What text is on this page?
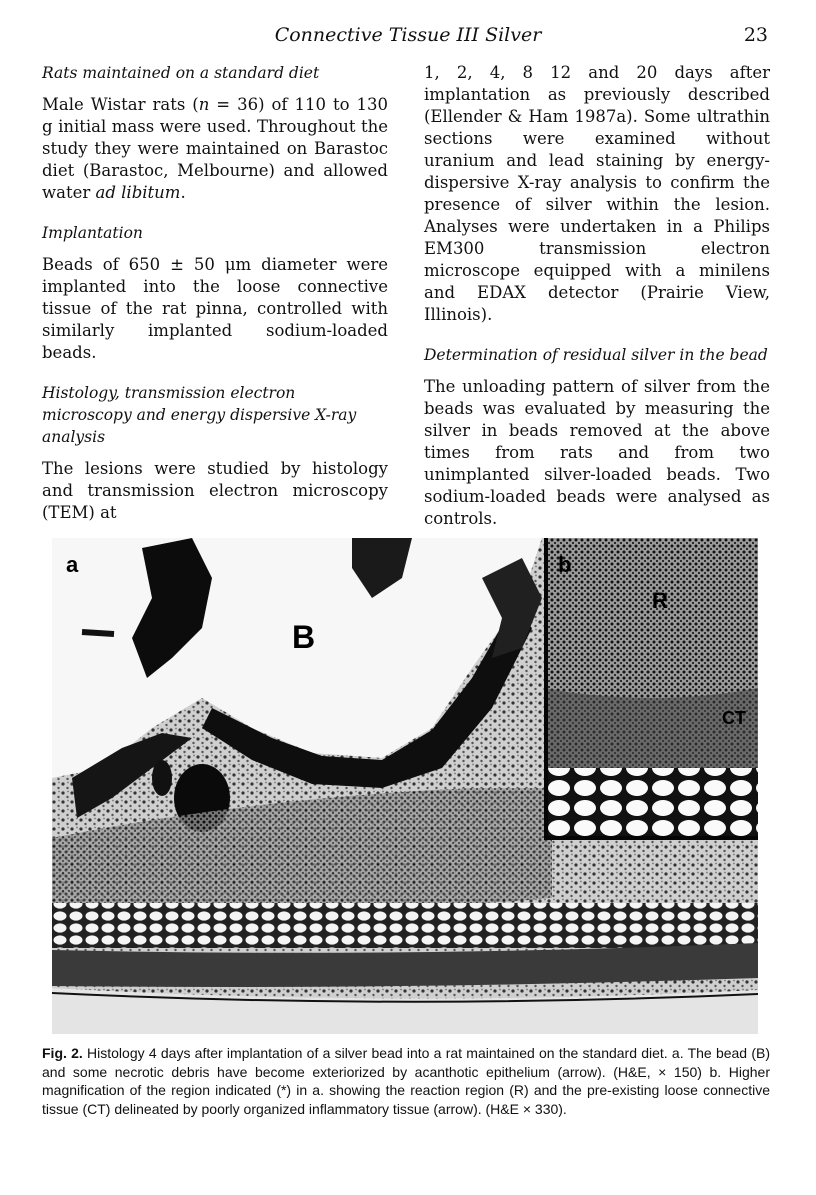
Connective Tissue III Silver	23
Rats maintained on a standard diet

Male Wistar rats (n = 36) of 110 to 130 g initial mass were used. Throughout the study they were maintained on Barastoc diet (Barastoc, Melbourne) and allowed water ad libitum.

Implantation

Beads of 650 ± 50 μm diameter were implanted into the loose connective tissue of the rat pinna, controlled with similarly implanted sodium-loaded beads.

Histology, transmission electron microscopy and energy dispersive X-ray analysis

The lesions were studied by histology and transmission electron microscopy (TEM) at

1, 2, 4, 8 12 and 20 days after implantation as previously described (Ellender & Ham 1987a). Some ultrathin sections were examined without uranium and lead staining by energy-dispersive X-ray analysis to confirm the presence of silver within the lesion. Analyses were undertaken in a Philips EM300 transmission electron microscope equipped with a minilens and EDAX detector (Prairie View, Illinois).

Determination of residual silver in the bead

The unloading pattern of silver from the beads was evaluated by measuring the silver in beads removed at the above times from rats and from two unimplanted silver-loaded beads. Two sodium-loaded beads were analysed as controls.

a
B
b
R
CT
Fig. 2. Histology 4 days after implantation of a silver bead into a rat maintained on the standard diet. a. The bead (B) and some necrotic debris have become exteriorized by acanthotic epithelium (arrow). (H&E, × 150) b. Higher magnification of the region indicated (*) in a. showing the reaction region (R) and the pre-existing loose connective tissue (CT) delineated by poorly organized inflammatory tissue (arrow). (H&E × 330).
